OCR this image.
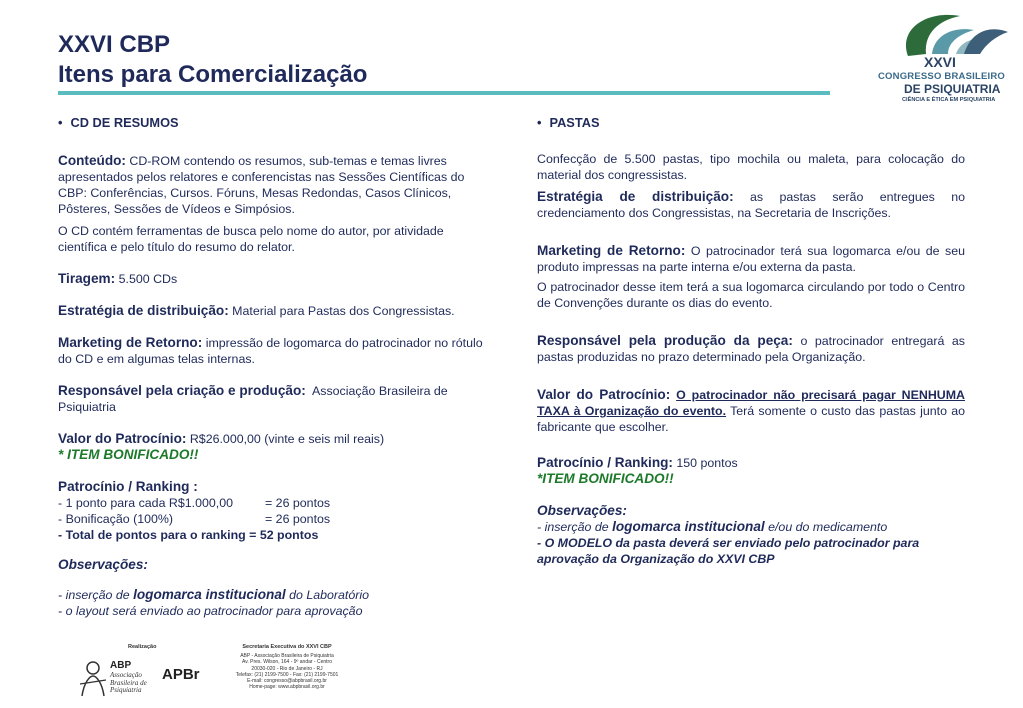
XXVI CBP
Itens para Comercialização	XXVI
CONGRESSO BRASILEIRO
DE PSIQUIATRIA
CIÊNCIA E ÉTICA EM PSIQUIATRIA
• CD DE RESUMOS

Conteúdo: CD-ROM contendo os resumos, sub-temas e temas livres apresentados pelos relatores e conferencistas nas Sessões Científicas do CBP: Conferências, Cursos. Fóruns, Mesas Redondas, Casos Clínicos, Pôsteres, Sessões de Vídeos e Simpósios.

O CD contém ferramentas de busca pelo nome do autor, por atividade científica e pelo título do resumo do relator.

Tiragem: 5.500 CDs

Estratégia de distribuição: Material para Pastas dos Congressistas.

Marketing de Retorno: impressão de logomarca do patrocinador no rótulo do CD e em algumas telas internas.

Responsável pela criação e produção: Associação Brasileira de Psiquiatria

Valor do Patrocínio: R$26.000,00 (vinte e seis mil reais)

* ITEM BONIFICADO!!

Patrocínio / Ranking :

- 1 ponto para cada R$1.000,00	= 26 pontos

- Bonificação (100%)	= 26 pontos

- Total de pontos para o ranking = 52 pontos

Observações:

- inserção de logomarca institucional do Laboratório

- o layout será enviado ao patrocinador para aprovação

• PASTAS

Confecção de 5.500 pastas, tipo mochila ou maleta, para colocação do material dos congressistas.

Estratégia de distribuição: as pastas serão entregues no credenciamento dos Congressistas, na Secretaria de Inscrições.

Marketing de Retorno: O patrocinador terá sua logomarca e/ou de seu produto impressas na parte interna e/ou externa da pasta.

O patrocinador desse item terá a sua logomarca circulando por todo o Centro de Convenções durante os dias do evento.

Responsável pela produção da peça: o patrocinador entregará as pastas produzidas no prazo determinado pela Organização.

Valor do Patrocínio: O patrocinador não precisará pagar NENHUMA TAXA à Organização do evento. Terá somente o custo das pastas junto ao fabricante que escolher.

Patrocínio / Ranking: 150 pontos

*ITEM BONIFICADO!!

Observações:

- inserção de logomarca institucional e/ou do medicamento

- O MODELO da pasta deverá ser enviado pelo patrocinador para aprovação da Organização do XXVI CBP

Realização
ABP
Associação Brasileira de Psiquiatria
APBr
Secretaria Executiva do XXVI CBP
ABP - Associação Brasileira de Psiquiatria
Av. Pres. Wilson, 164 - 9º andar - Centro
20030-020 - Rio de Janeiro - RJ
Telefax: (21) 2199-7500 - Fax: (21) 2199-7501
E-mail: congresso@abpbrasil.org.br
Home-page: www.abpbrasil.org.br
